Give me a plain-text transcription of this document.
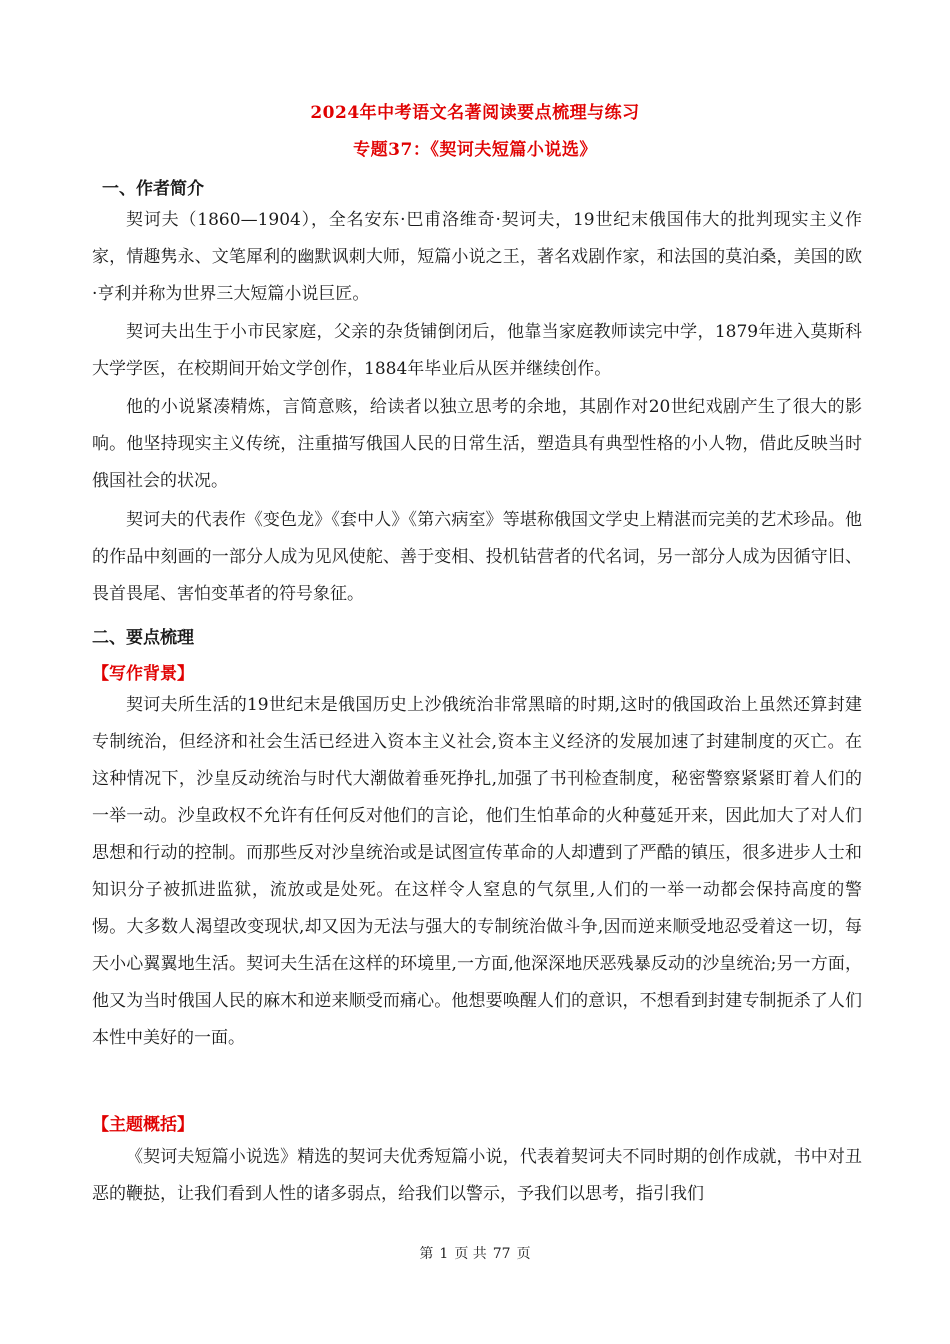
2024年中考语文名著阅读要点梳理与练习
专题37：《契诃夫短篇小说选》
一、作者简介

契诃夫（1860—1904），全名安东·巴甫洛维奇·契诃夫，19世纪末俄国伟大的批判现实主义作家，情趣隽永、文笔犀利的幽默讽刺大师，短篇小说之王，著名戏剧作家，和法国的莫泊桑，美国的欧·亨利并称为世界三大短篇小说巨匠。

契诃夫出生于小市民家庭，父亲的杂货铺倒闭后，他靠当家庭教师读完中学，1879年进入莫斯科大学学医，在校期间开始文学创作，1884年毕业后从医并继续创作。

他的小说紧凑精炼，言简意赅，给读者以独立思考的余地，其剧作对20世纪戏剧产生了很大的影响。他坚持现实主义传统，注重描写俄国人民的日常生活，塑造具有典型性格的小人物，借此反映当时俄国社会的状况。

契诃夫的代表作《变色龙》《套中人》《第六病室》等堪称俄国文学史上精湛而完美的艺术珍品。他的作品中刻画的一部分人成为见风使舵、善于变相、投机钻营者的代名词，另一部分人成为因循守旧、畏首畏尾、害怕变革者的符号象征。

二、要点梳理
【写作背景】

契诃夫所生活的19世纪末是俄国历史上沙俄统治非常黑暗的时期,这时的俄国政治上虽然还算封建专制统治，但经济和社会生活已经进入资本主义社会,资本主义经济的发展加速了封建制度的灭亡。在这种情况下，沙皇反动统治与时代大潮做着垂死挣扎,加强了书刊检查制度，秘密警察紧紧盯着人们的一举一动。沙皇政权不允许有任何反对他们的言论，他们生怕革命的火种蔓延开来，因此加大了对人们思想和行动的控制。而那些反对沙皇统治或是试图宣传革命的人却遭到了严酷的镇压，很多进步人士和知识分子被抓进监狱，流放或是处死。在这样令人窒息的气氛里,人们的一举一动都会保持高度的警惕。大多数人渴望改变现状,却又因为无法与强大的专制统治做斗争,因而逆来顺受地忍受着这一切，每天小心翼翼地生活。契诃夫生活在这样的环境里,一方面,他深深地厌恶残暴反动的沙皇统治;另一方面，他又为当时俄国人民的麻木和逆来顺受而痛心。他想要唤醒人们的意识，不想看到封建专制扼杀了人们本性中美好的一面。

【主题概括】

《契诃夫短篇小说选》精选的契诃夫优秀短篇小说，代表着契诃夫不同时期的创作成就，书中对丑恶的鞭挞，让我们看到人性的诸多弱点，给我们以警示，予我们以思考，指引我们

第 1 页 共 77 页
